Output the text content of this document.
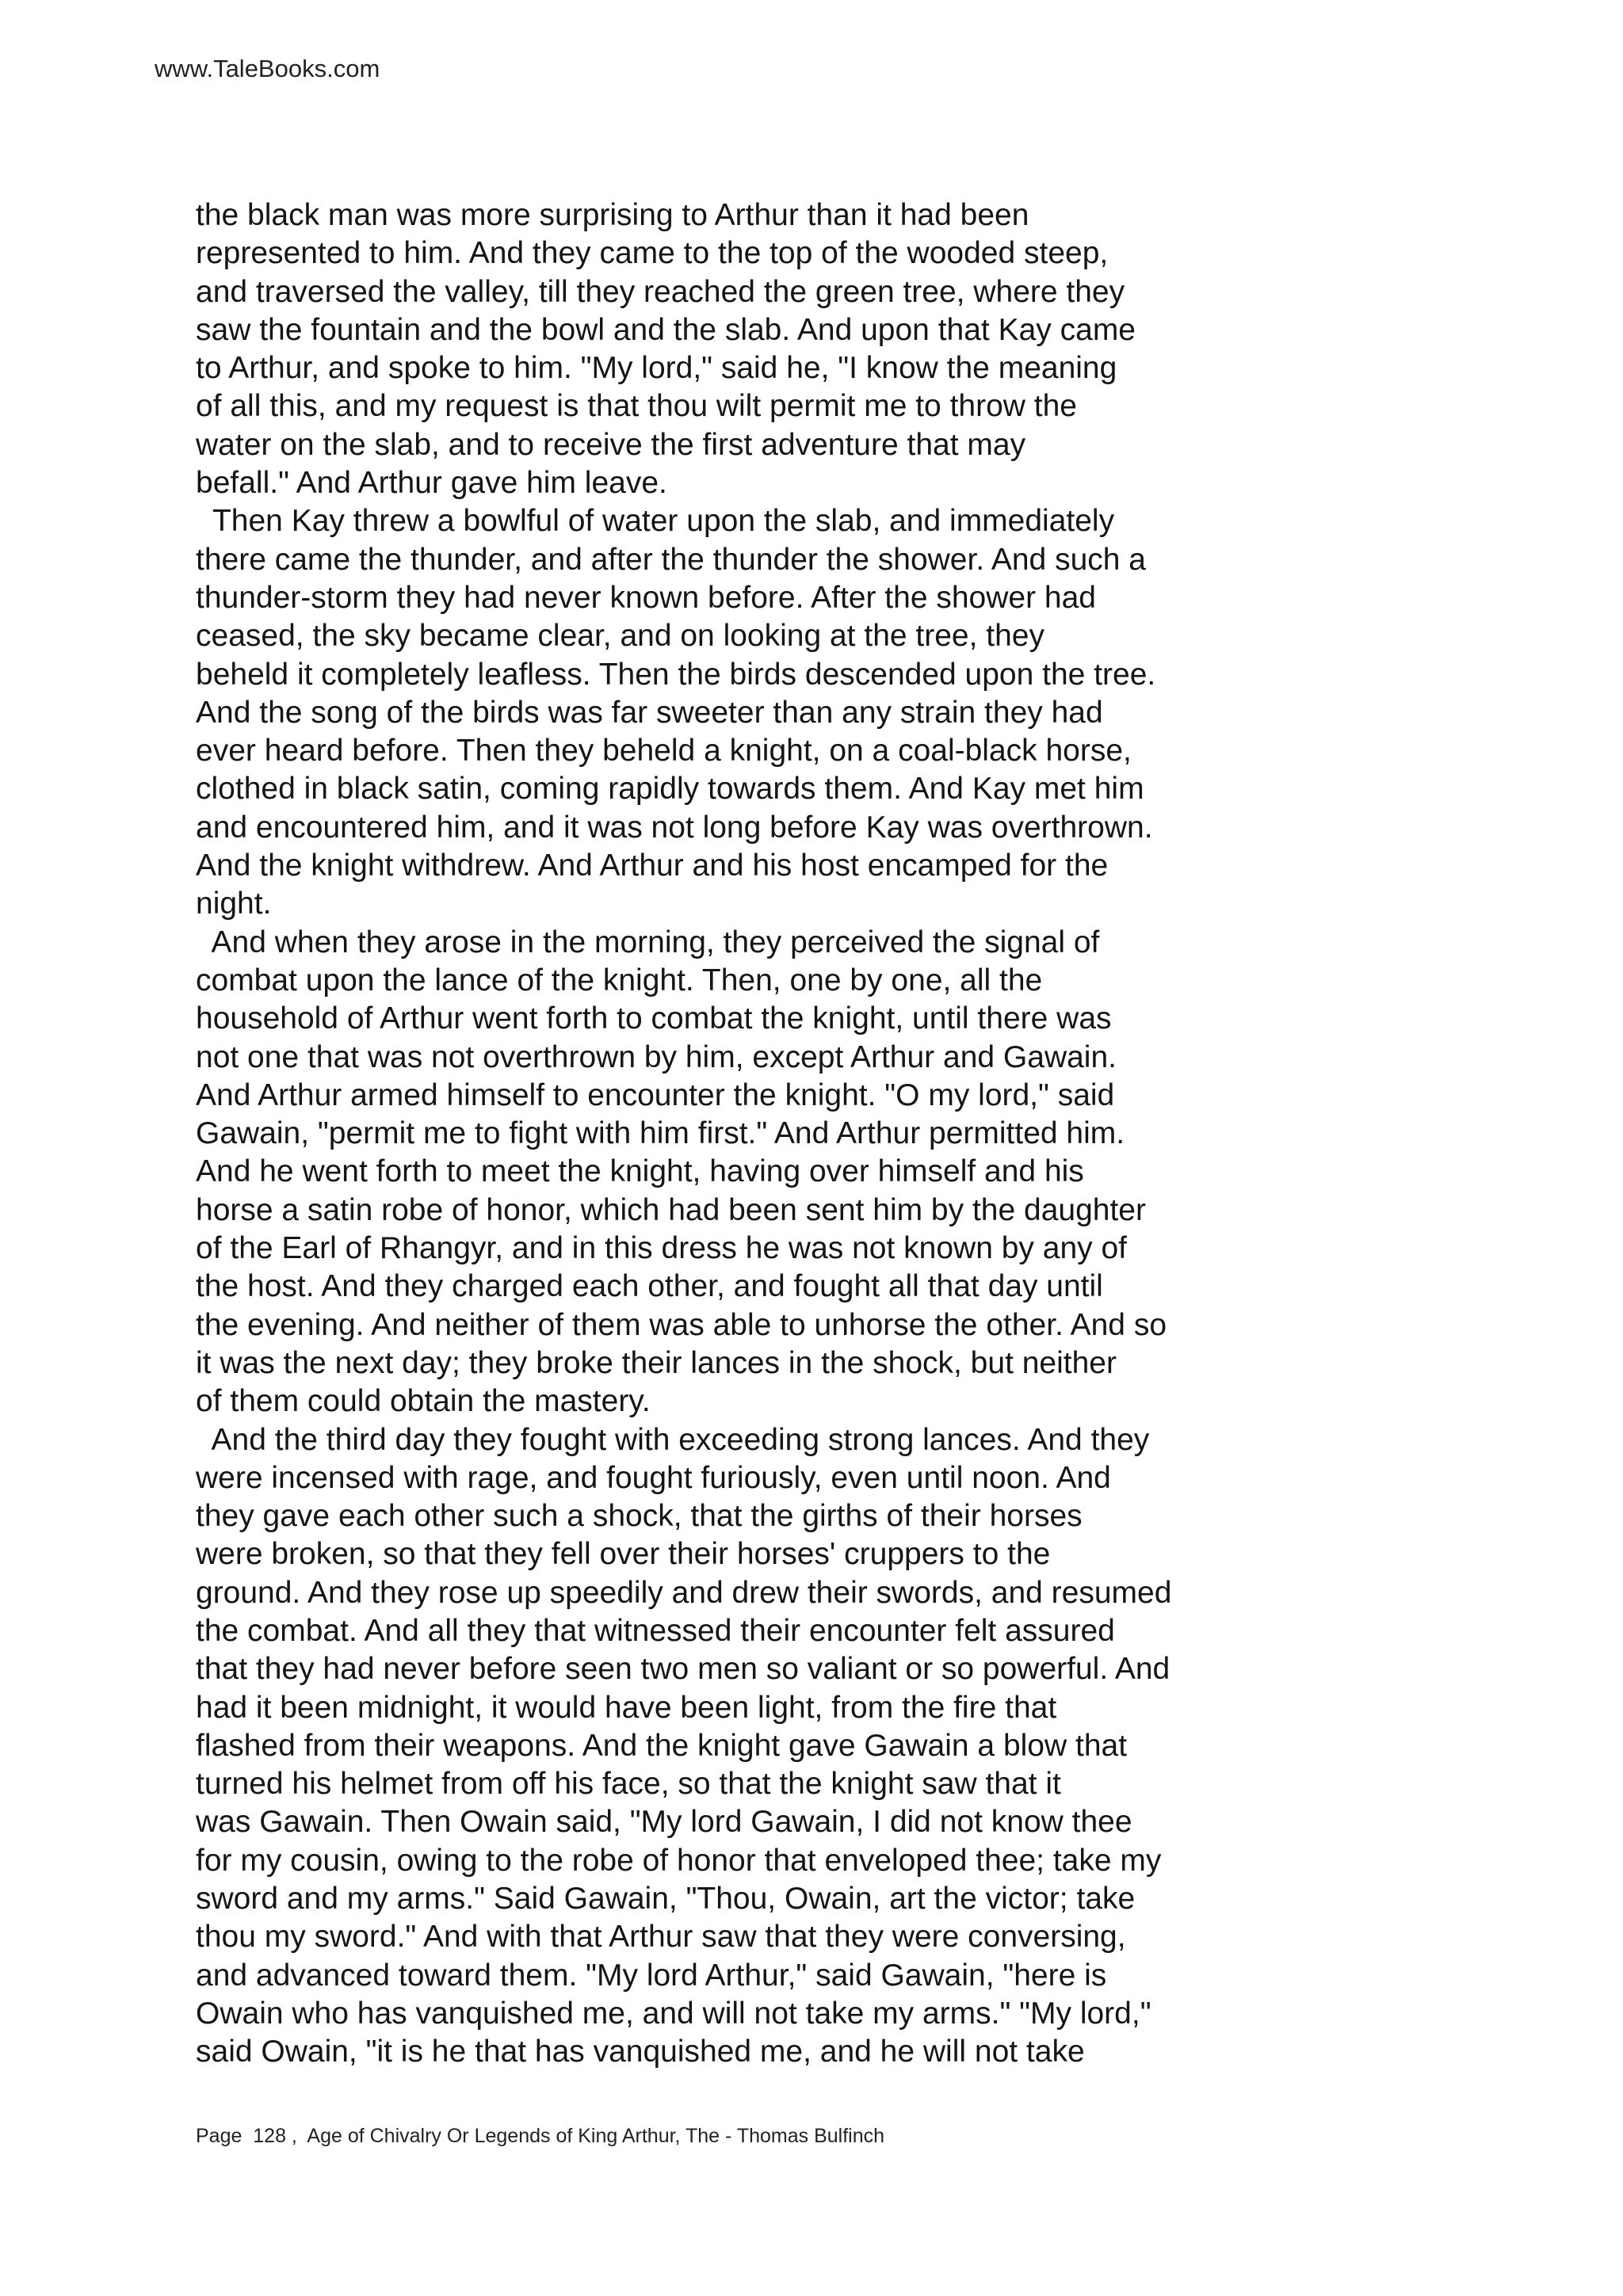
www.TaleBooks.com
the black man was more surprising to Arthur than it had been
represented to him. And they came to the top of the wooded steep,
and traversed the valley, till they reached the green tree, where they
saw the fountain and the bowl and the slab. And upon that Kay came
to Arthur, and spoke to him. "My lord," said he, "I know the meaning
of all this, and my request is that thou wilt permit me to throw the
water on the slab, and to receive the first adventure that may
befall." And Arthur gave him leave.
Then Kay threw a bowlful of water upon the slab, and immediately
there came the thunder, and after the thunder the shower. And such a
thunder-storm they had never known before. After the shower had
ceased, the sky became clear, and on looking at the tree, they
beheld it completely leafless. Then the birds descended upon the tree.
And the song of the birds was far sweeter than any strain they had
ever heard before. Then they beheld a knight, on a coal-black horse,
clothed in black satin, coming rapidly towards them. And Kay met him
and encountered him, and it was not long before Kay was overthrown.
And the knight withdrew. And Arthur and his host encamped for the
night.
And when they arose in the morning, they perceived the signal of
combat upon the lance of the knight. Then, one by one, all the
household of Arthur went forth to combat the knight, until there was
not one that was not overthrown by him, except Arthur and Gawain.
And Arthur armed himself to encounter the knight. "O my lord," said
Gawain, "permit me to fight with him first." And Arthur permitted him.
And he went forth to meet the knight, having over himself and his
horse a satin robe of honor, which had been sent him by the daughter
of the Earl of Rhangyr, and in this dress he was not known by any of
the host. And they charged each other, and fought all that day until
the evening. And neither of them was able to unhorse the other. And so
it was the next day; they broke their lances in the shock, but neither
of them could obtain the mastery.
And the third day they fought with exceeding strong lances. And they
were incensed with rage, and fought furiously, even until noon. And
they gave each other such a shock, that the girths of their horses
were broken, so that they fell over their horses' cruppers to the
ground. And they rose up speedily and drew their swords, and resumed
the combat. And all they that witnessed their encounter felt assured
that they had never before seen two men so valiant or so powerful. And
had it been midnight, it would have been light, from the fire that
flashed from their weapons. And the knight gave Gawain a blow that
turned his helmet from off his face, so that the knight saw that it
was Gawain. Then Owain said, "My lord Gawain, I did not know thee
for my cousin, owing to the robe of honor that enveloped thee; take my
sword and my arms." Said Gawain, "Thou, Owain, art the victor; take
thou my sword." And with that Arthur saw that they were conversing,
and advanced toward them. "My lord Arthur," said Gawain, "here is
Owain who has vanquished me, and will not take my arms." "My lord,"
said Owain, "it is he that has vanquished me, and he will not take
Page  128 ,  Age of Chivalry Or Legends of King Arthur, The - Thomas Bulfinch
